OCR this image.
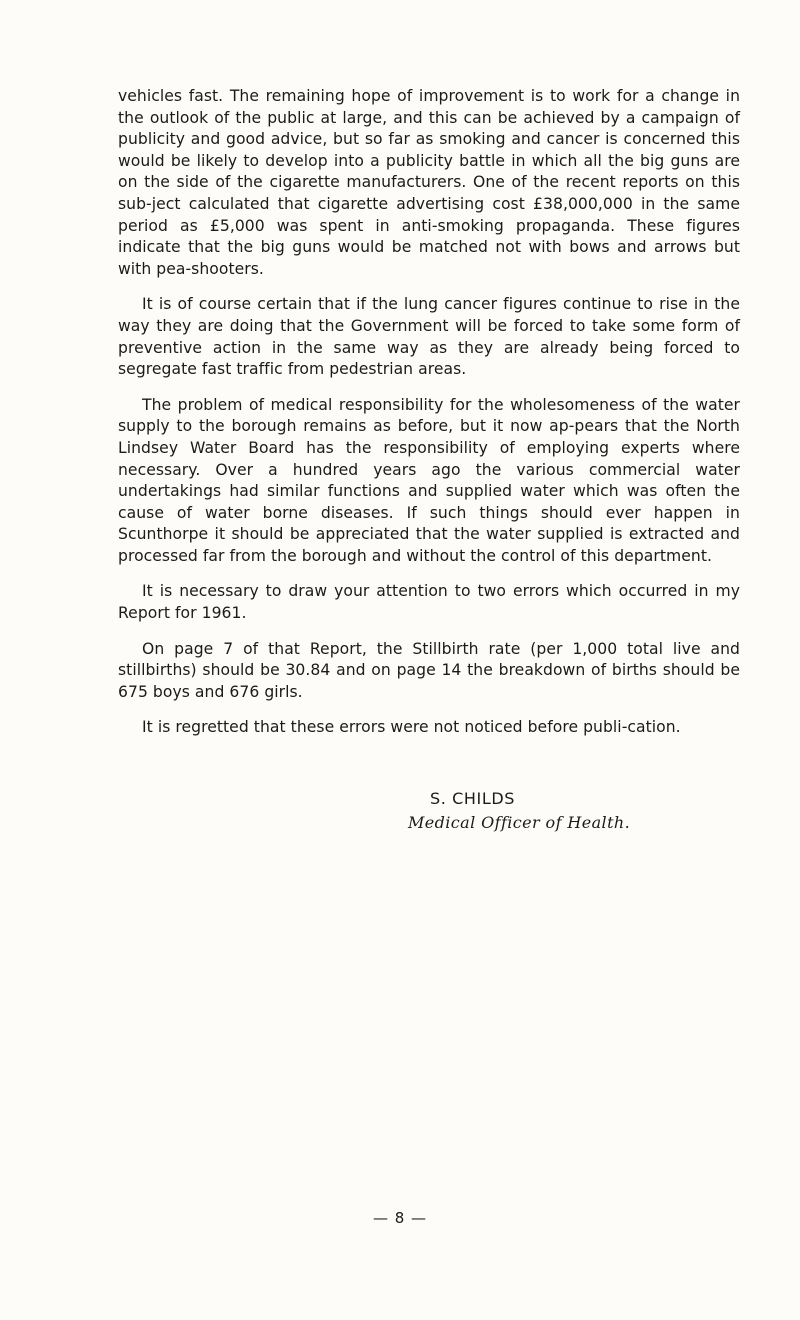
vehicles fast. The remaining hope of improvement is to work for a change in the outlook of the public at large, and this can be achieved by a campaign of publicity and good advice, but so far as smoking and cancer is concerned this would be likely to develop into a publicity battle in which all the big guns are on the side of the cigarette manufacturers. One of the recent reports on this sub-ject calculated that cigarette advertising cost £38,000,000 in the same period as £5,000 was spent in anti-smoking propaganda. These figures indicate that the big guns would be matched not with bows and arrows but with pea-shooters.

It is of course certain that if the lung cancer figures continue to rise in the way they are doing that the Government will be forced to take some form of preventive action in the same way as they are already being forced to segregate fast traffic from pedestrian areas.

The problem of medical responsibility for the wholesomeness of the water supply to the borough remains as before, but it now ap-pears that the North Lindsey Water Board has the responsibility of employing experts where necessary. Over a hundred years ago the various commercial water undertakings had similar functions and supplied water which was often the cause of water borne diseases. If such things should ever happen in Scunthorpe it should be appreciated that the water supplied is extracted and processed far from the borough and without the control of this department.

It is necessary to draw your attention to two errors which occurred in my Report for 1961.

On page 7 of that Report, the Stillbirth rate (per 1,000 total live and stillbirths) should be 30.84 and on page 14 the breakdown of births should be 675 boys and 676 girls.

It is regretted that these errors were not noticed before publi-cation.

S. CHILDS
Medical Officer of Health.
— 8 —
